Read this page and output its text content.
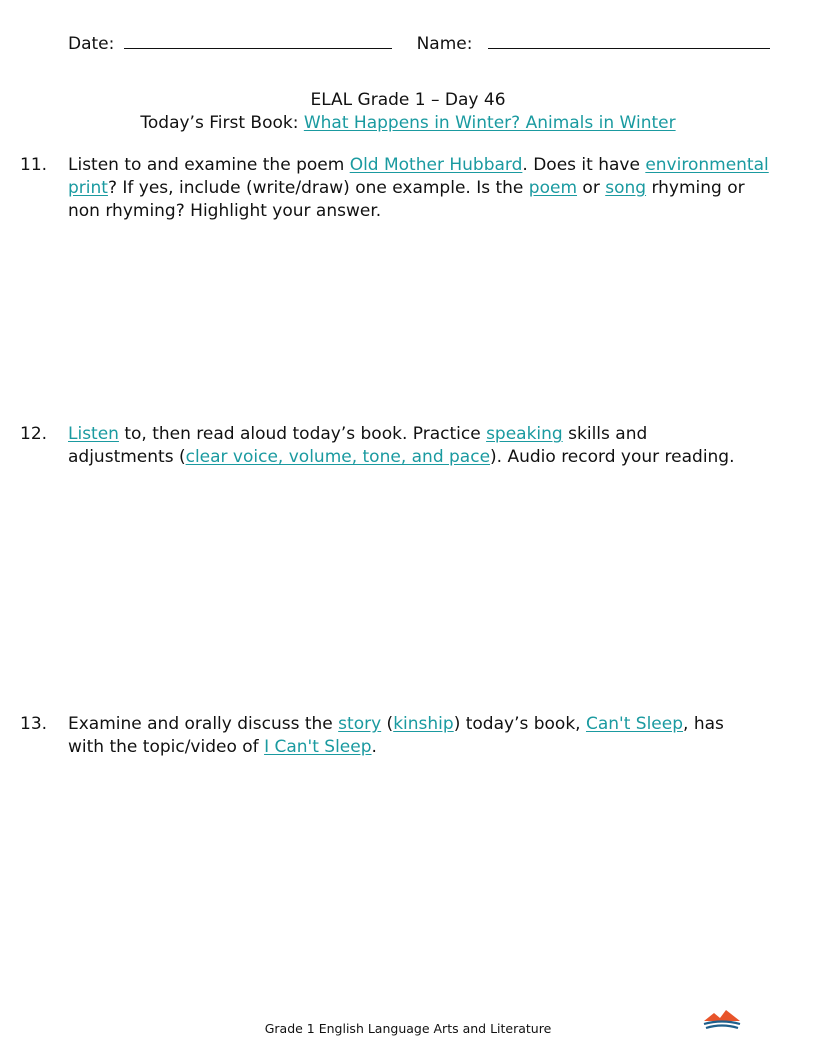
Date:	Name:
ELAL Grade 1 – Day 46
Today’s First Book: What Happens in Winter? Animals in Winter
11. Listen to and examine the poem Old Mother Hubbard. Does it have environmental
print? If yes, include (write/draw) one example. Is the poem or song rhyming or
non rhyming? Highlight your answer.
12. Listen to, then read aloud today’s book. Practice speaking skills and
adjustments (clear voice, volume, tone, and pace). Audio record your reading.
13. Examine and orally discuss the story (kinship) today’s book, Can't Sleep, has
with the topic/video of I Can't Sleep.
Grade 1 English Language Arts and Literature
